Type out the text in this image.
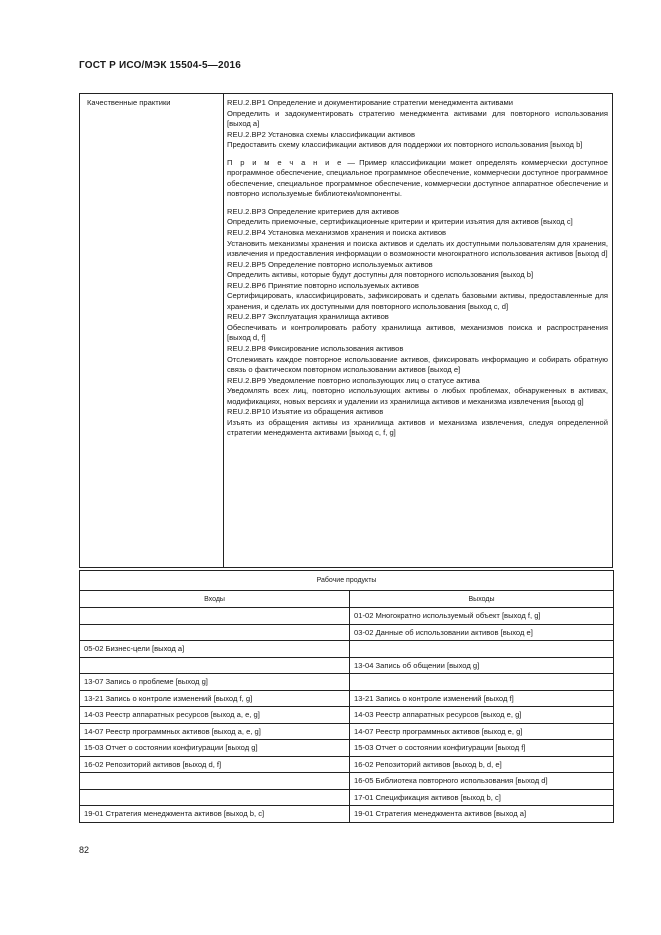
ГОСТ Р ИСО/МЭК 15504-5—2016
Качественные практики	REU.2.BP1 Определение и документирование стратегии менеджмента активами
Определить и задокументировать стратегию менеджмента активами для повторного использования [выход a]
REU.2.BP2 Установка схемы классификации активов
Предоставить схему классификации активов для поддержки их повторного использования [выход b]
П р и м е ч а н и е — Пример классификации может определять коммерчески доступное программное обеспечение, специальное программное обеспечение, коммерчески доступное программное обеспечение, специальное программное обеспечение, коммерчески доступное аппаратное обеспечение и повторно используемые библиотеки/компоненты.
REU.2.BP3 Определение критериев для активов
Определить приемочные, сертификационные критерии и критерии изъятия для активов [выход c]
REU.2.BP4 Установка механизмов хранения и поиска активов
Установить механизмы хранения и поиска активов и сделать их доступными пользователям для хранения, извлечения и предоставления информации о возможности многократного использования активов [выход d]
REU.2.BP5 Определение повторно используемых активов
Определить активы, которые будут доступны для повторного использования [выход b]
REU.2.BP6 Принятие повторно используемых активов
Сертифицировать, классифицировать, зафиксировать и сделать базовыми активы, предоставленные для хранения, и сделать их доступными для повторного использования [выход c, d]
REU.2.BP7 Эксплуатация хранилища активов
Обеспечивать и контролировать работу хранилища активов, механизмов поиска и распространения [выход d, f]
REU.2.BP8 Фиксирование использования активов
Отслеживать каждое повторное использование активов, фиксировать информацию и собирать обратную связь о фактическом повторном использовании активов [выход e]
REU.2.BP9 Уведомление повторно использующих лиц о статусе актива
Уведомлять всех лиц, повторно использующих активы о любых проблемах, обнаруженных в активах, модификациях, новых версиях и удалении из хранилища активов и механизма извлечения [выход g]
REU.2.BP10 Изъятие из обращения активов
Изъять из обращения активы из хранилища активов и механизма извлечения, следуя определенной стратегии менеджмента активами [выход c, f, g]
Рабочие продукты	
Входы	Выходы
	01-02 Многократно используемый объект [выход f, g]
	03-02 Данные об использовании активов [выход e]
05-02 Бизнес-цели [выход a]	
	13-04 Запись об общении [выход g]
13-07 Запись о проблеме [выход g]	
13-21 Запись о контроле изменений [выход f, g]	13-21 Запись о контроле изменений [выход f]
14-03 Реестр аппаратных ресурсов [выход a, e, g]	14-03 Реестр аппаратных ресурсов [выход e, g]
14-07 Реестр программных активов [выход a, e, g]	14-07 Реестр программных активов [выход e, g]
15-03 Отчет о состоянии конфигурации [выход g]	15-03 Отчет о состоянии конфигурации [выход f]
16-02 Репозиторий активов [выход d, f]	16-02 Репозиторий активов [выход b, d, e]
	16-05 Библиотека повторного использования [выход d]
	17-01 Спецификация активов [выход b, c]
19-01 Стратегия менеджмента активов [выход b, c]	19-01 Стратегия менеджмента активов [выход a]
82
